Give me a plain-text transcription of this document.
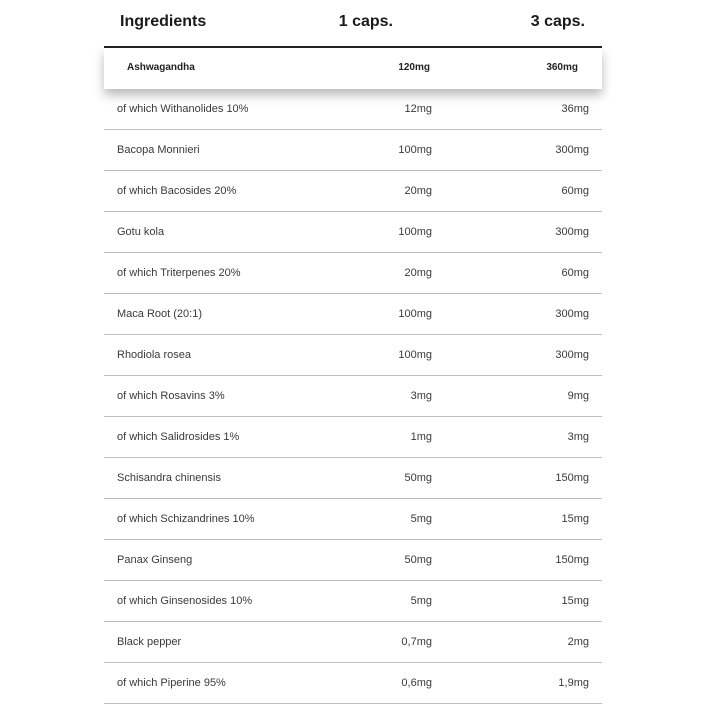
Ingredients	1 caps.	3 caps.
Ashwagandha	120mg	360mg
of which Withanolides 10%	12mg	36mg
Bacopa Monnieri	100mg	300mg
of which Bacosides 20%	20mg	60mg
Gotu kola	100mg	300mg
of which Triterpenes 20%	20mg	60mg
Maca Root (20:1)	100mg	300mg
Rhodiola rosea	100mg	300mg
of which Rosavins 3%	3mg	9mg
of which Salidrosides 1%	1mg	3mg
Schisandra chinensis	50mg	150mg
of which Schizandrines 10%	5mg	15mg
Panax Ginseng	50mg	150mg
of which Ginsenosides 10%	5mg	15mg
Black pepper	0,7mg	2mg
of which Piperine 95%	0,6mg	1,9mg
